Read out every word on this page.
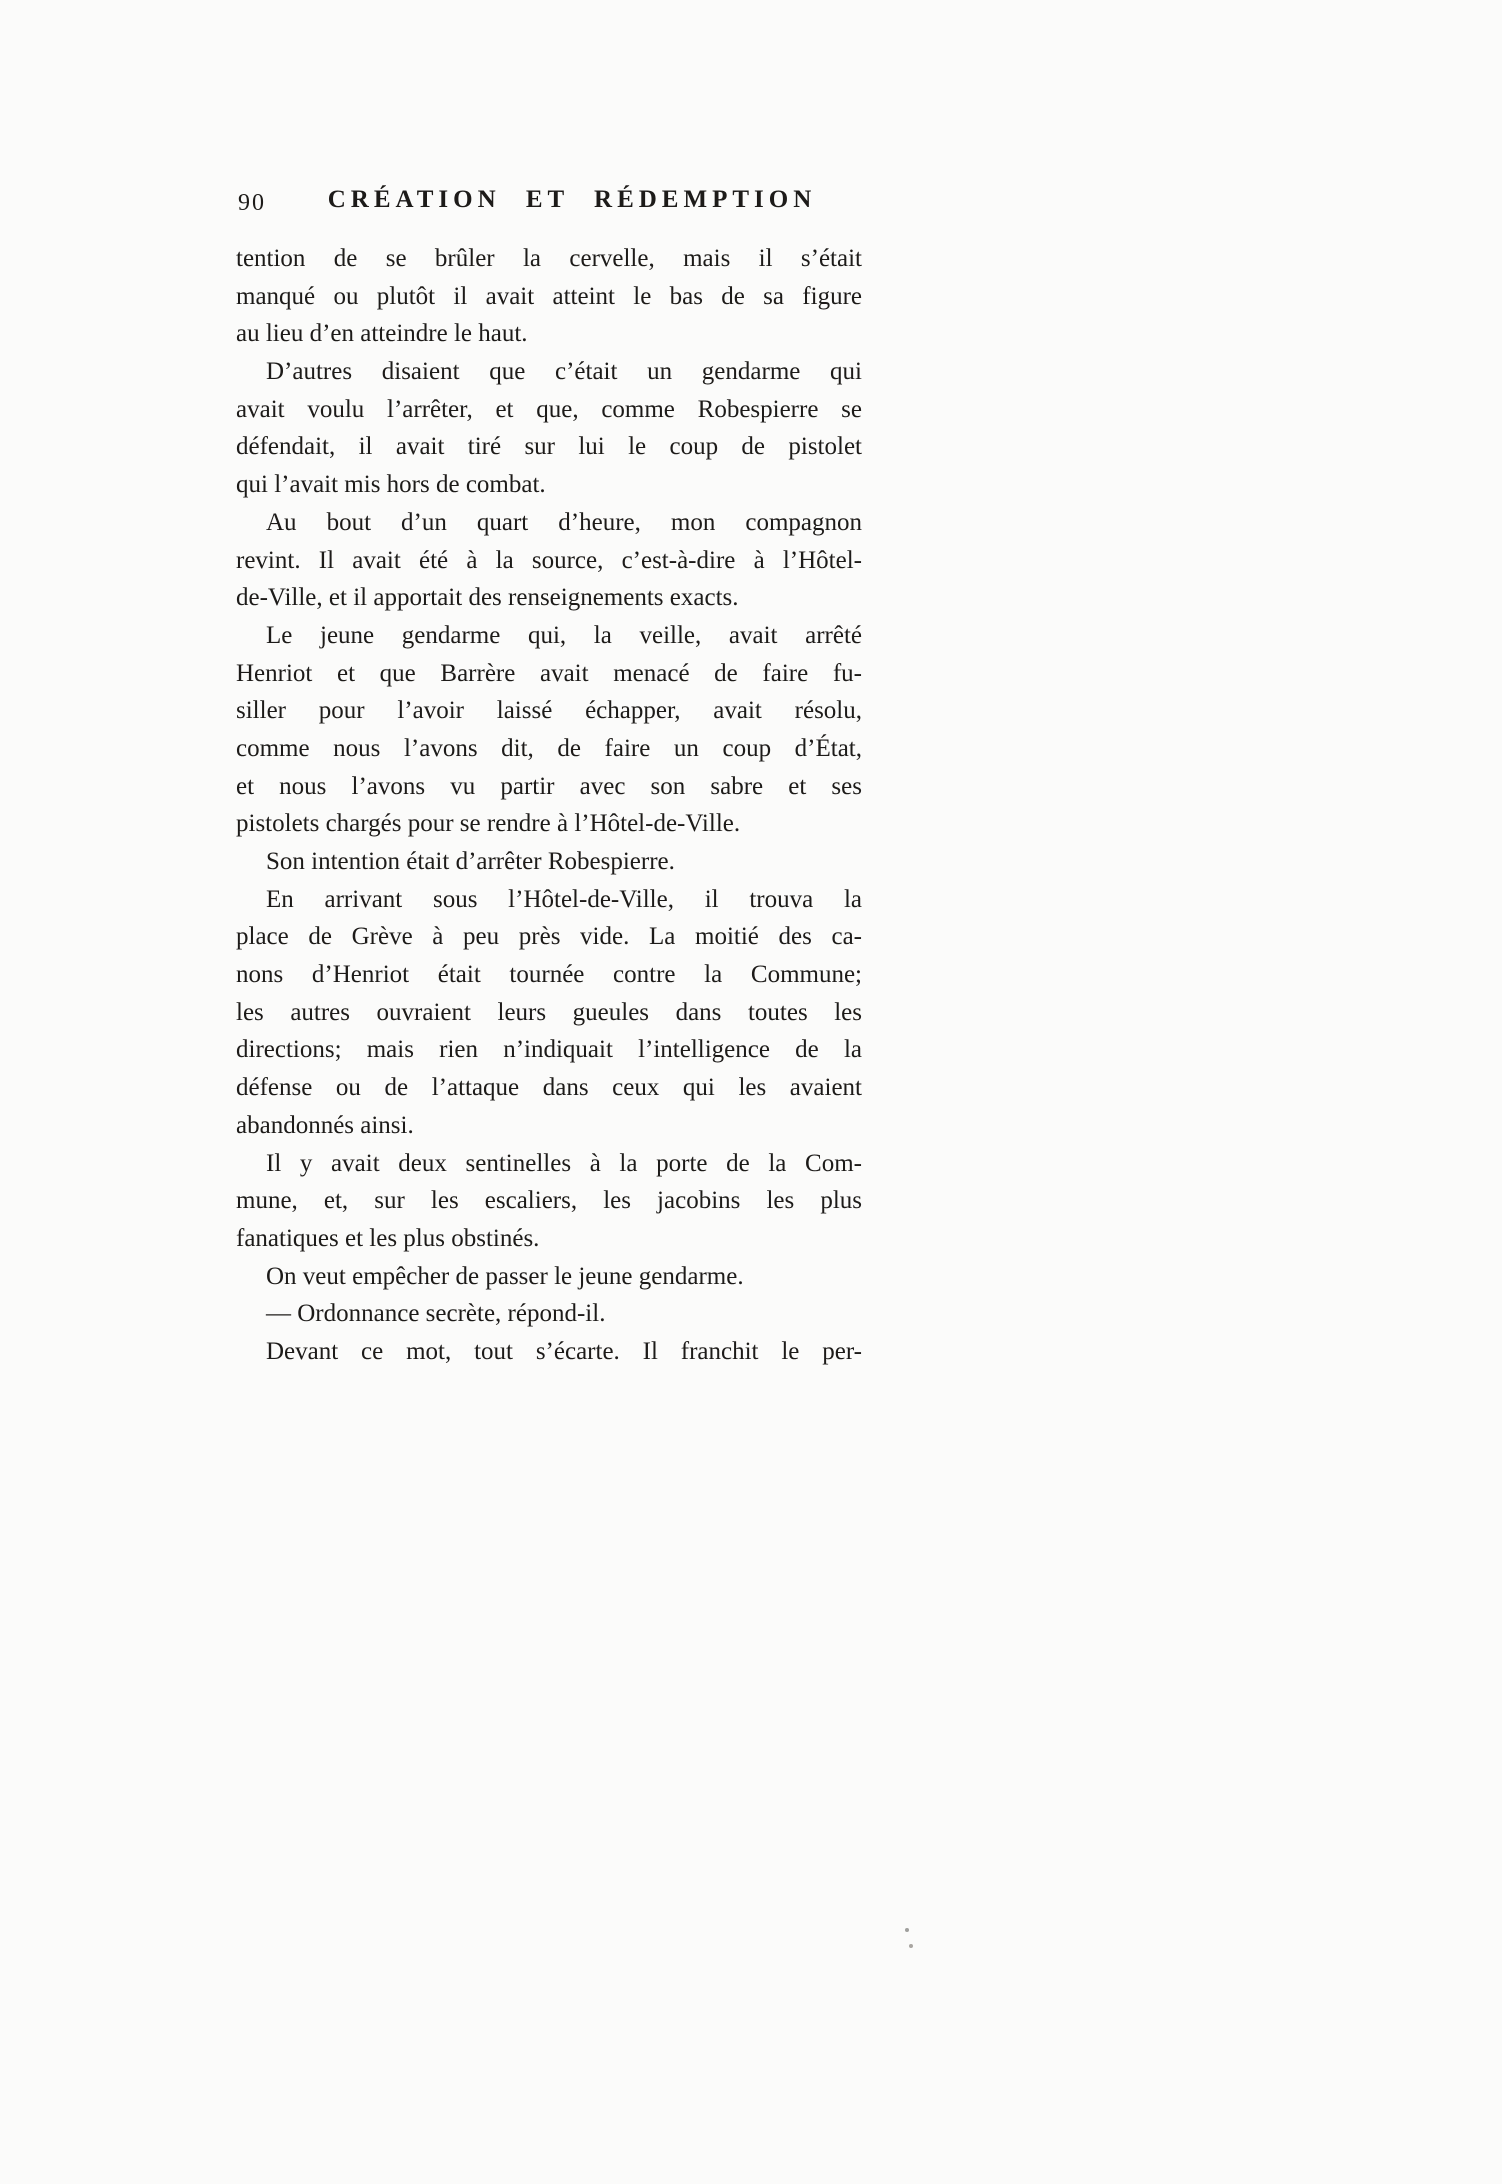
90	CRÉATION ET RÉDEMPTION
tention de se brûler la cervelle, mais il s’était
manqué ou plutôt il avait atteint le bas de sa figure
au lieu d’en atteindre le haut.
D’autres disaient que c’était un gendarme qui
avait voulu l’arrêter, et que, comme Robespierre se
défendait, il avait tiré sur lui le coup de pistolet
qui l’avait mis hors de combat.
Au bout d’un quart d’heure, mon compagnon
revint. Il avait été à la source, c’est-à-dire à l’Hôtel-
de-Ville, et il apportait des renseignements exacts.
Le jeune gendarme qui, la veille, avait arrêté
Henriot et que Barrère avait menacé de faire fu-
siller pour l’avoir laissé échapper, avait résolu,
comme nous l’avons dit, de faire un coup d’État,
et nous l’avons vu partir avec son sabre et ses
pistolets chargés pour se rendre à l’Hôtel-de-Ville.
Son intention était d’arrêter Robespierre.
En arrivant sous l’Hôtel-de-Ville, il trouva la
place de Grève à peu près vide. La moitié des ca-
nons d’Henriot était tournée contre la Commune;
les autres ouvraient leurs gueules dans toutes les
directions; mais rien n’indiquait l’intelligence de la
défense ou de l’attaque dans ceux qui les avaient
abandonnés ainsi.
Il y avait deux sentinelles à la porte de la Com-
mune, et, sur les escaliers, les jacobins les plus
fanatiques et les plus obstinés.
On veut empêcher de passer le jeune gendarme.
— Ordonnance secrète, répond-il.
Devant ce mot, tout s’écarte. Il franchit le per-
